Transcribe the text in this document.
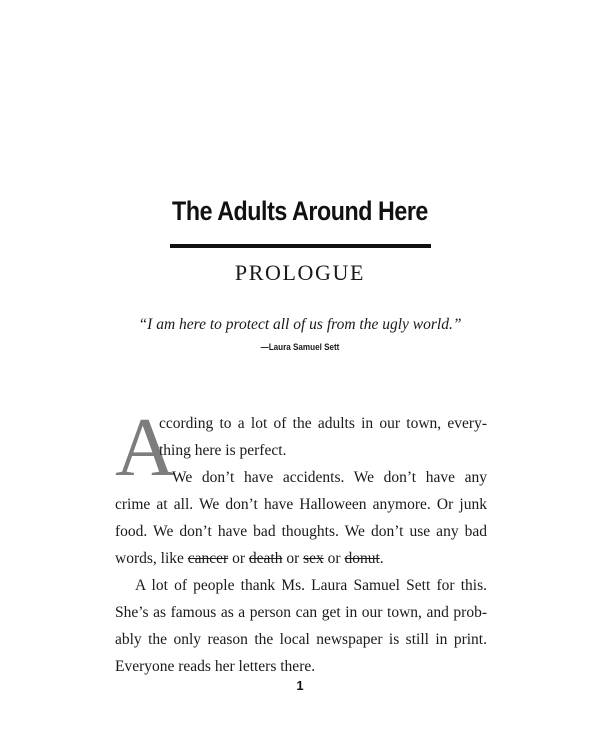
The Adults Around Here
PROLOGUE
“I am here to protect all of us from the ugly world.”
—Laura Samuel Sett
A
ccording to a lot of the adults in our town, every-
thing here is perfect.
We don’t have accidents. We don’t have any
crime at all. We don’t have Halloween anymore. Or junk
food. We don’t have bad thoughts. We don’t use any bad
words, like cancer or death or sex or donut.
A lot of people thank Ms. Laura Samuel Sett for this.
She’s as famous as a person can get in our town, and prob-
ably the only reason the local newspaper is still in print.
Everyone reads her letters there.
1
